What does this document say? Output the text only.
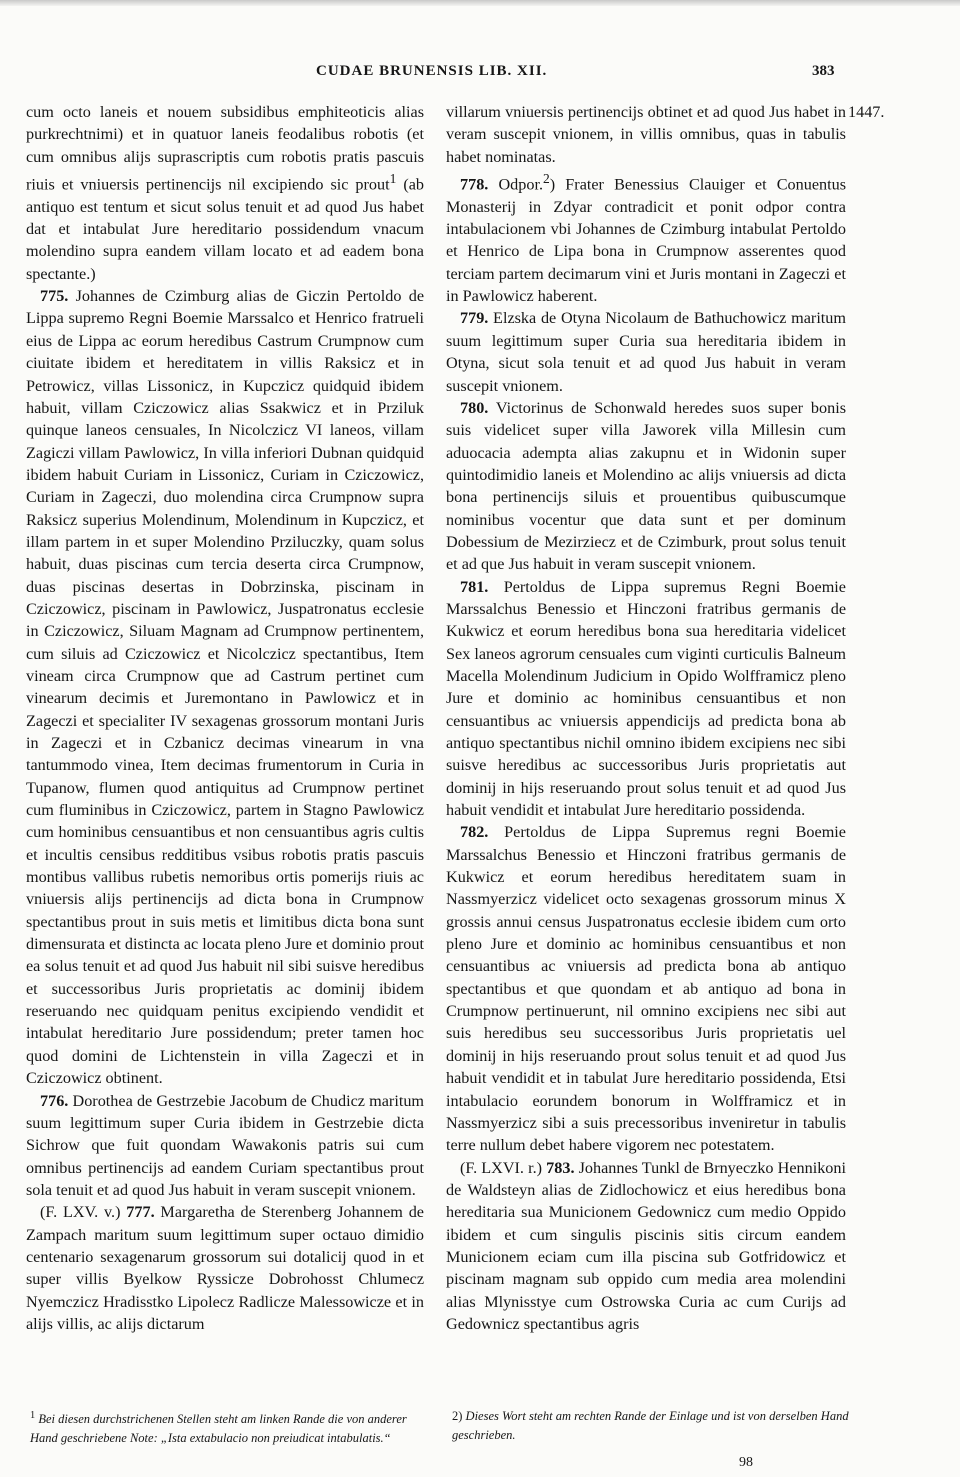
CUDAE BRUNENSIS LIB. XII.	383
1447.

cum octo laneis et nouem subsidibus emphiteoticis alias purkrechtnimi) et in quatuor laneis feodalibus robotis (et cum omnibus alijs suprascriptis cum robotis pratis pascuis riuis et vniuersis pertinencijs nil excipiendo sic prout$^1$ (ab antiquo est tentum et sicut solus tenuit et ad quod Jus habet dat et intabulat Jure hereditario possidendum vnacum molendino supra eandem villam locato et ad eadem bona spectante.)

775. Johannes de Czimburg alias de Giczin Pertoldo de Lippa supremo Regni Boemie Marssalco et Henrico fratrueli eius de Lippa ac eorum heredibus Castrum Crumpnow cum ciuitate ibidem et hereditatem in villis Raksicz et in Petrowicz, villas Lissonicz, in Kupczicz quidquid ibidem habuit, villam Cziczowicz alias Ssakwicz et in Prziluk quinque laneos censuales, In Nicolczicz VI laneos, villam Zagiczi villam Pawlowicz, In villa inferiori Dubnan quidquid ibidem habuit Curiam in Lissonicz, Curiam in Cziczowicz, Curiam in Zageczi, duo molendina circa Crumpnow supra Raksicz superius Molendinum, Molendinum in Kupczicz, et illam partem in et super Molendino Prziluczky, quam solus habuit, duas piscinas cum tercia deserta circa Crumpnow, duas piscinas desertas in Dobrzinska, piscinam in Cziczowicz, piscinam in Pawlowicz, Juspatronatus ecclesie in Cziczowicz, Siluam Magnam ad Crumpnow pertinentem, cum siluis ad Cziczowicz et Nicolczicz spectantibus, Item vineam circa Crumpnow que ad Castrum pertinet cum vinearum decimis et Juremontano in Pawlowicz et in Zageczi et specialiter IV sexagenas grossorum montani Juris in Zageczi et in Czbanicz decimas vinearum in vna tantummodo vinea, Item decimas frumentorum in Curia in Tupanow, flumen quod antiquitus ad Crumpnow pertinet cum fluminibus in Cziczowicz, partem in Stagno Pawlowicz cum hominibus censuantibus et non censuantibus agris cultis et incultis censibus redditibus vsibus robotis pratis pascuis montibus vallibus rubetis nemoribus ortis pomerijs riuis ac vniuersis alijs pertinencijs ad dicta bona in Crumpnow spectantibus prout in suis metis et limitibus dicta bona sunt dimensurata et distincta ac locata pleno Jure et dominio prout ea solus tenuit et ad quod Jus habuit nil sibi suisve heredibus et successoribus Juris proprietatis ac dominij ibidem reseruando nec quidquam penitus excipiendo vendidit et intabulat hereditario Jure possidendum; preter tamen hoc quod domini de Lichtenstein in villa Zageczi et in Cziczowicz obtinent.

776. Dorothea de Gestrzebie Jacobum de Chudicz maritum suum legittimum super Curia ibidem in Gestrzebie dicta Sichrow que fuit quondam Wawakonis patris sui cum omnibus pertinencijs ad eandem Curiam spectantibus prout sola tenuit et ad quod Jus habuit in veram suscepit vnionem.

(F. LXV. v.) 777. Margaretha de Sterenberg Johannem de Zampach maritum suum legittimum super octauo dimidio centenario sexagenarum grossorum sui dotalicij quod in et super villis Byelkow Ryssicze Dobrohosst Chlumecz Nyemczicz Hradisstko Lipolecz Radlicze Malessowicze et in alijs villis, ac alijs dictarum

villarum vniuersis pertinencijs obtinet et ad quod Jus habet in veram suscepit vnionem, in villis omnibus, quas in tabulis habet nominatas.

778. Odpor.$^2$) Frater Benessius Clauiger et Conuentus Monasterij in Zdyar contradicit et ponit odpor contra intabulacionem vbi Johannes de Czimburg intabulat Pertoldo et Henrico de Lipa bona in Crumpnow asserentes quod terciam partem decimarum vini et Juris montani in Zageczi et in Pawlowicz haberent.

779. Elzska de Otyna Nicolaum de Bathuchowicz maritum suum legittimum super Curia sua hereditaria ibidem in Otyna, sicut sola tenuit et ad quod Jus habuit in veram suscepit vnionem.

780. Victorinus de Schonwald heredes suos super bonis suis videlicet super villa Jaworek villa Millesin cum aduocacia adempta alias zakupnu et in Widonin super quintodimidio laneis et Molendino ac alijs vniuersis ad dicta bona pertinencijs siluis et prouentibus quibuscumque nominibus vocentur que data sunt et per dominum Dobessium de Mezirziecz et de Czimburk, prout solus tenuit et ad que Jus habuit in veram suscepit vnionem.

781. Pertoldus de Lippa supremus Regni Boemie Marssalchus Benessio et Hinczoni fratribus germanis de Kukwicz et eorum heredibus bona sua hereditaria videlicet Sex laneos agrorum censuales cum viginti curticulis Balneum Macella Molendinum Judicium in Opido Wolfframicz pleno Jure et dominio ac hominibus censuantibus et non censuantibus ac vniuersis appendicijs ad predicta bona ab antiquo spectantibus nichil omnino ibidem excipiens nec sibi suisve heredibus ac successoribus Juris proprietatis aut dominij in hijs reseruando prout solus tenuit et ad quod Jus habuit vendidit et intabulat Jure hereditario possidenda.

782. Pertoldus de Lippa Supremus regni Boemie Marssalchus Benessio et Hinczoni fratribus germanis de Kukwicz et eorum heredibus hereditatem suam in Nassmyerzicz videlicet octo sexagenas grossorum minus X grossis annui census Juspatronatus ecclesie ibidem cum orto pleno Jure et dominio ac hominibus censuantibus et non censuantibus ac vniuersis ad predicta bona ab antiquo spectantibus et que quondam et ab antiquo ad bona in Crumpnow pertinuerunt, nil omnino excipiens nec sibi aut suis heredibus seu successoribus Juris proprietatis uel dominij in hijs reseruando prout solus tenuit et ad quod Jus habuit vendidit et in tabulat Jure hereditario possidenda, Etsi intabulacio eorundem bonorum in Wolfframicz et in Nassmyerzicz sibi a suis precessoribus inveniretur in tabulis terre nullum debet habere vigorem nec potestatem.

(F. LXVI. r.) 783. Johannes Tunkl de Brnyeczko Hennikoni de Waldsteyn alias de Zidlochowicz et eius heredibus bona hereditaria sua Municionem Gedownicz cum medio Oppido ibidem et cum singulis piscinis sitis circum eandem Municionem eciam cum illa piscina sub Gotfridowicz et piscinam magnam sub oppido cum media area molendini alias Mlynisstye cum Ostrowska Curia ac cum Curijs ad Gedownicz spectantibus agris

$^1$ Bei diesen durchstrichenen Stellen steht am linken Rande die von anderer Hand geschriebene Note: „Ista extabulacio non preiudicat intabulatis.“
2) Dieses Wort steht am rechten Rande der Einlage und ist von derselben Hand geschrieben.
98
